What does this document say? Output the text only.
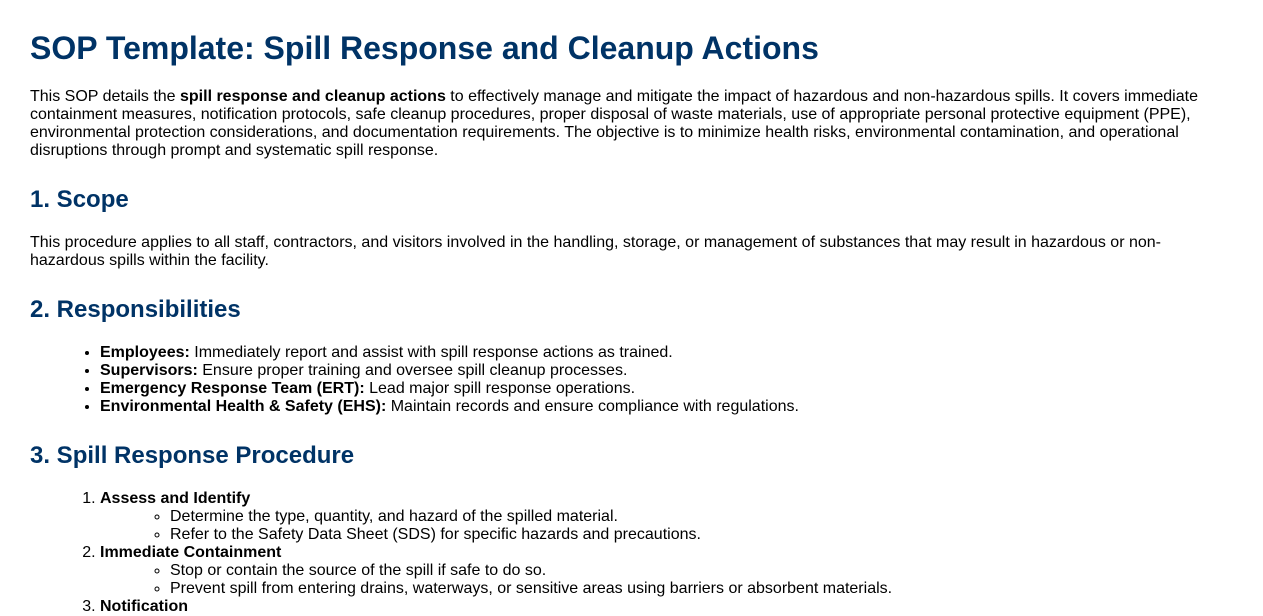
SOP Template: Spill Response and Cleanup Actions

This SOP details the spill response and cleanup actions to effectively manage and mitigate the impact of hazardous and non-hazardous spills. It covers immediate containment measures, notification protocols, safe cleanup procedures, proper disposal of waste materials, use of appropriate personal protective equipment (PPE), environmental protection considerations, and documentation requirements. The objective is to minimize health risks, environmental contamination, and operational disruptions through prompt and systematic spill response.

1. Scope

This procedure applies to all staff, contractors, and visitors involved in the handling, storage, or management of substances that may result in hazardous or non-hazardous spills within the facility.

2. Responsibilities
• Employees: Immediately report and assist with spill response actions as trained.
• Supervisors: Ensure proper training and oversee spill cleanup processes.
• Emergency Response Team (ERT): Lead major spill response operations.
• Environmental Health & Safety (EHS): Maintain records and ensure compliance with regulations.
3. Spill Response Procedure
1. Assess and Identify
◦ Determine the type, quantity, and hazard of the spilled material.
◦ Refer to the Safety Data Sheet (SDS) for specific hazards and precautions.
2. Immediate Containment
◦ Stop or contain the source of the spill if safe to do so.
◦ Prevent spill from entering drains, waterways, or sensitive areas using barriers or absorbent materials.
3. Notification
